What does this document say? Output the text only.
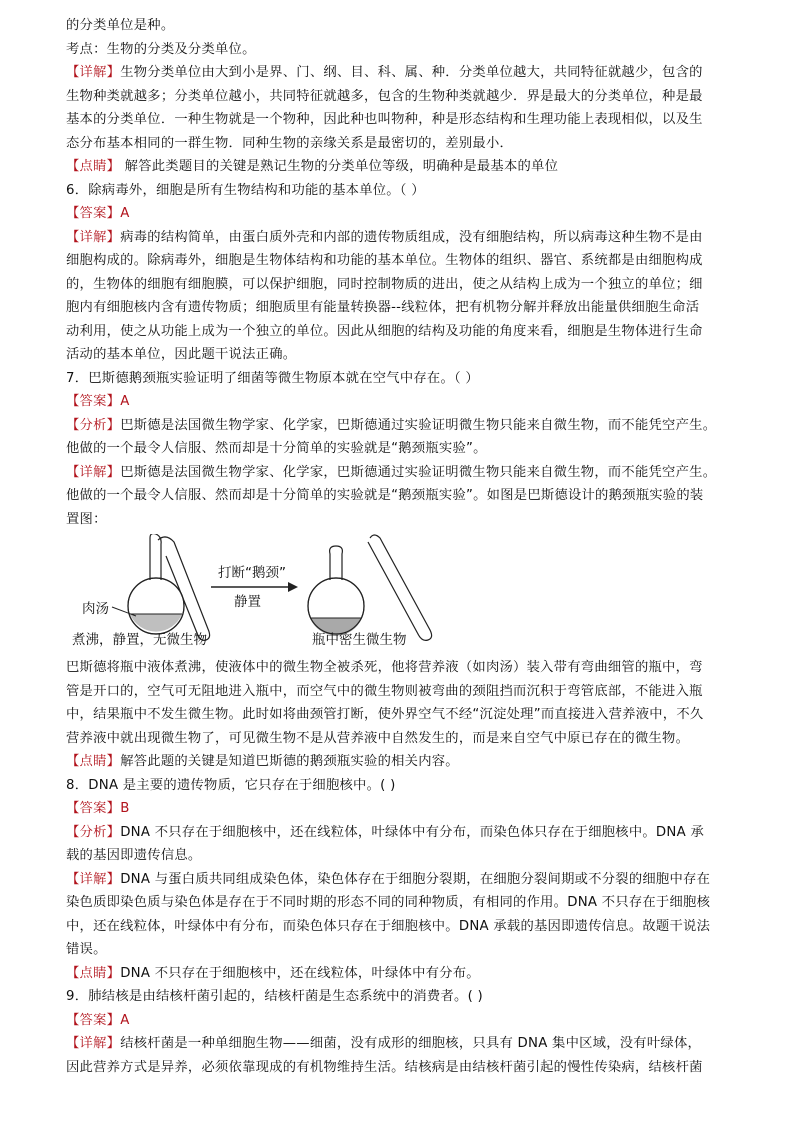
的分类单位是种。
考点：生物的分类及分类单位。
【详解】生物分类单位由大到小是界、门、纲、目、科、属、种．分类单位越大，共同特征就越少，包含的
生物种类就越多；分类单位越小，共同特征就越多，包含的生物种类就越少．界是最大的分类单位，种是最
基本的分类单位．一种生物就是一个物种，因此种也叫物种，种是形态结构和生理功能上表现相似，以及生
态分布基本相同的一群生物．同种生物的亲缘关系是最密切的，差别最小．
【点睛】 解答此类题目的关键是熟记生物的分类单位等级，明确种是最基本的单位
6．除病毒外，细胞是所有生物结构和功能的基本单位。（ ）
【答案】A
【详解】病毒的结构简单，由蛋白质外壳和内部的遗传物质组成，没有细胞结构，所以病毒这种生物不是由
细胞构成的。除病毒外，细胞是生物体结构和功能的基本单位。生物体的组织、器官、系统都是由细胞构成
的，生物体的细胞有细胞膜，可以保护细胞，同时控制物质的进出，使之从结构上成为一个独立的单位；细
胞内有细胞核内含有遗传物质；细胞质里有能量转换器--线粒体，把有机物分解并释放出能量供细胞生命活
动利用，使之从功能上成为一个独立的单位。因此从细胞的结构及功能的角度来看，细胞是生物体进行生命
活动的基本单位，因此题干说法正确。
7．巴斯德鹅颈瓶实验证明了细菌等微生物原本就在空气中存在。（ ）
【答案】A
【分析】巴斯德是法国微生物学家、化学家，巴斯德通过实验证明微生物只能来自微生物，而不能凭空产生。
他做的一个最令人信服、然而却是十分简单的实验就是“鹅颈瓶实验”。
【详解】巴斯德是法国微生物学家、化学家，巴斯德通过实验证明微生物只能来自微生物，而不能凭空产生。
他做的一个最令人信服、然而却是十分简单的实验就是“鹅颈瓶实验”。如图是巴斯德设计的鹅颈瓶实验的装
置图：
打断“鹅颈”
静置
肉汤
煮沸，静置，无微生物	瓶中密生微生物
巴斯德将瓶中液体煮沸，使液体中的微生物全被杀死，他将营养液（如肉汤）装入带有弯曲细管的瓶中，弯
管是开口的，空气可无阻地进入瓶中，而空气中的微生物则被弯曲的颈阻挡而沉积于弯管底部，不能进入瓶
中，结果瓶中不发生微生物。此时如将曲颈管打断，使外界空气不经“沉淀处理”而直接进入营养液中，不久
营养液中就出现微生物了，可见微生物不是从营养液中自然发生的，而是来自空气中原已存在的微生物。
【点睛】解答此题的关键是知道巴斯德的鹅颈瓶实验的相关内容。
8．DNA 是主要的遗传物质，它只存在于细胞核中。( )
【答案】B
【分析】DNA 不只存在于细胞核中，还在线粒体，叶绿体中有分布，而染色体只存在于细胞核中。DNA 承
载的基因即遗传信息。
【详解】DNA 与蛋白质共同组成染色体，染色体存在于细胞分裂期，在细胞分裂间期或不分裂的细胞中存在
染色质即染色质与染色体是存在于不同时期的形态不同的同种物质，有相同的作用。DNA 不只存在于细胞核
中，还在线粒体，叶绿体中有分布，而染色体只存在于细胞核中。DNA 承载的基因即遗传信息。故题干说法
错误。
【点睛】DNA 不只存在于细胞核中，还在线粒体，叶绿体中有分布。
9．肺结核是由结核杆菌引起的，结核杆菌是生态系统中的消费者。( )
【答案】A
【详解】结核杆菌是一种单细胞生物——细菌，没有成形的细胞核，只具有 DNA 集中区域，没有叶绿体，
因此营养方式是异养，必须依靠现成的有机物维持生活。结核病是由结核杆菌引起的慢性传染病，结核杆菌
